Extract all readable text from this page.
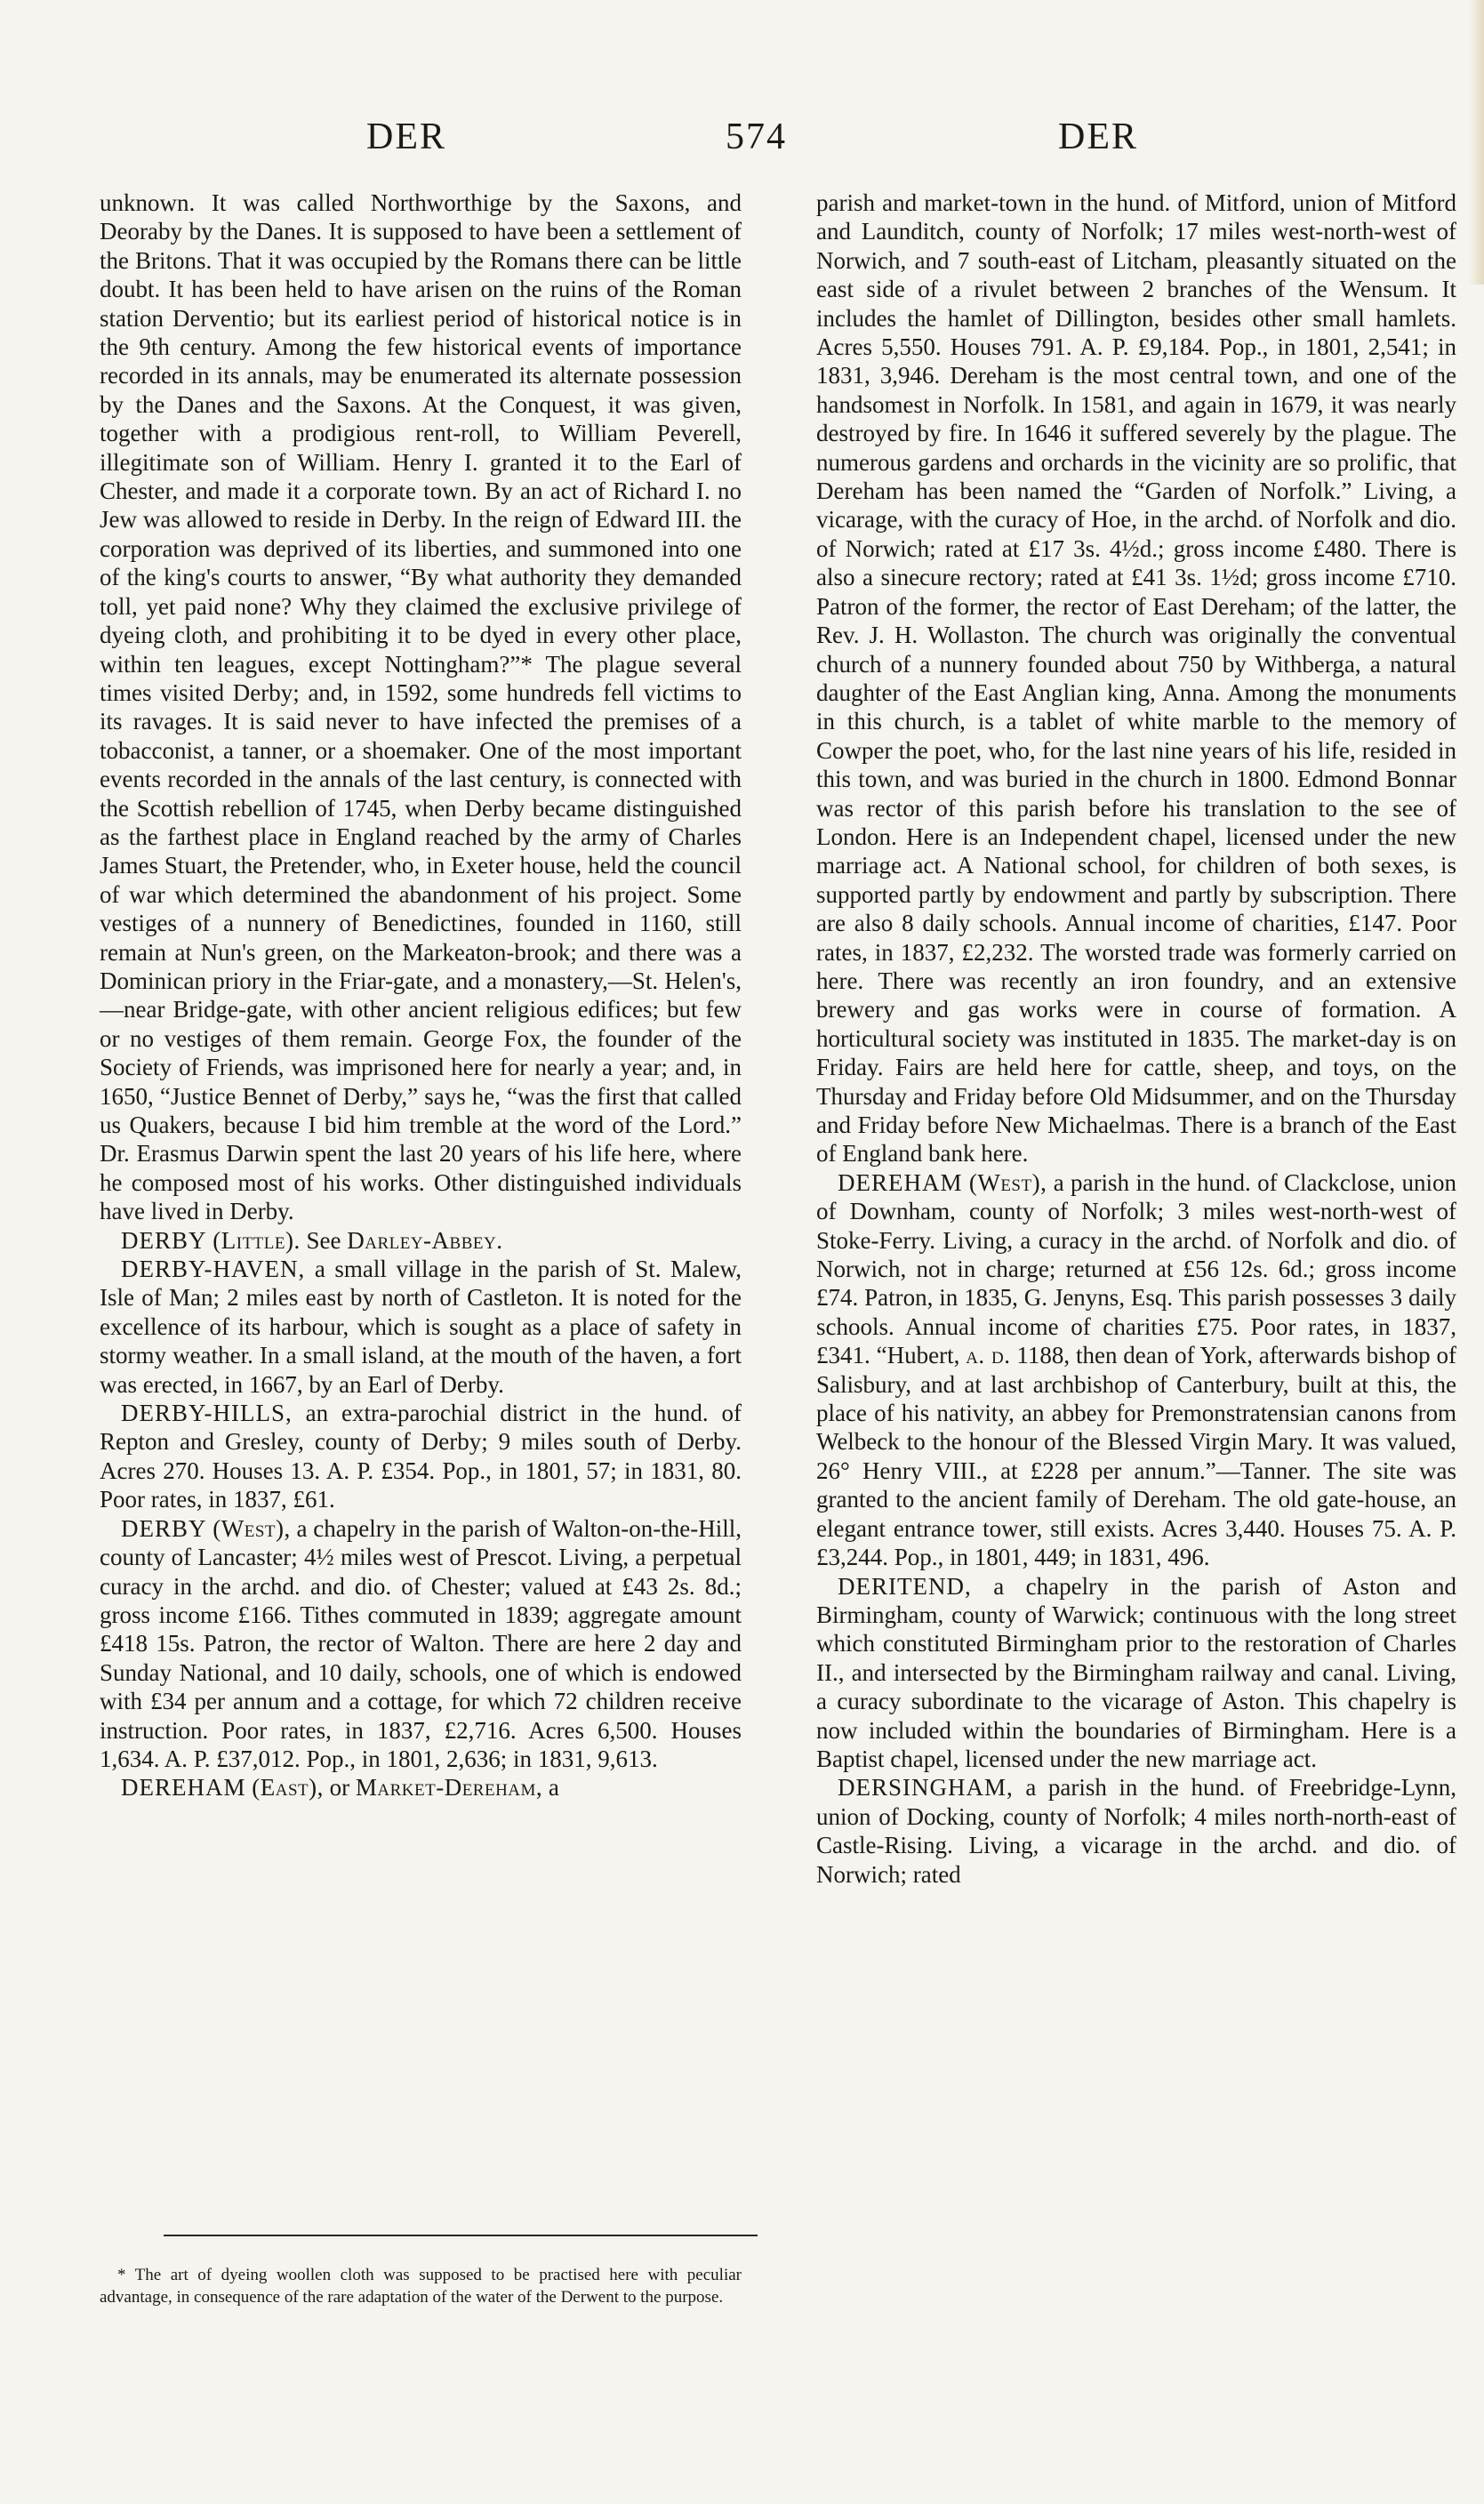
DER	574	DER

unknown. It was called Northworthige by the Saxons, and Deoraby by the Danes. It is supposed to have been a settlement of the Britons. That it was occupied by the Romans there can be little doubt. It has been held to have arisen on the ruins of the Roman station Derventio; but its earliest period of historical notice is in the 9th century. Among the few historical events of importance recorded in its annals, may be enumerated its alternate possession by the Danes and the Saxons. At the Conquest, it was given, together with a prodigious rent-roll, to William Peverell, illegitimate son of William. Henry I. granted it to the Earl of Chester, and made it a corporate town. By an act of Richard I. no Jew was allowed to reside in Derby. In the reign of Edward III. the corporation was deprived of its liberties, and summoned into one of the king's courts to answer, “By what authority they demanded toll, yet paid none? Why they claimed the exclusive privilege of dyeing cloth, and prohibiting it to be dyed in every other place, within ten leagues, except Nottingham?”* The plague several times visited Derby; and, in 1592, some hundreds fell victims to its ravages. It is said never to have infected the premises of a tobacconist, a tanner, or a shoemaker. One of the most important events recorded in the annals of the last century, is connected with the Scottish rebellion of 1745, when Derby became distinguished as the farthest place in England reached by the army of Charles James Stuart, the Pretender, who, in Exeter house, held the council of war which determined the abandonment of his project. Some vestiges of a nunnery of Benedictines, founded in 1160, still remain at Nun's green, on the Markeaton-brook; and there was a Dominican priory in the Friar-gate, and a monastery,—St. Helen's,—near Bridge-gate, with other ancient religious edifices; but few or no vestiges of them remain. George Fox, the founder of the Society of Friends, was imprisoned here for nearly a year; and, in 1650, “Justice Bennet of Derby,” says he, “was the first that called us Quakers, because I bid him tremble at the word of the Lord.” Dr. Erasmus Darwin spent the last 20 years of his life here, where he composed most of his works. Other distinguished individuals have lived in Derby.

DERBY (Little). See Darley-Abbey.

DERBY-HAVEN, a small village in the parish of St. Malew, Isle of Man; 2 miles east by north of Castleton. It is noted for the excellence of its harbour, which is sought as a place of safety in stormy weather. In a small island, at the mouth of the haven, a fort was erected, in 1667, by an Earl of Derby.

DERBY-HILLS, an extra-parochial district in the hund. of Repton and Gresley, county of Derby; 9 miles south of Derby. Acres 270. Houses 13. A. P. £354. Pop., in 1801, 57; in 1831, 80. Poor rates, in 1837, £61.

DERBY (West), a chapelry in the parish of Walton-on-the-Hill, county of Lancaster; 4½ miles west of Prescot. Living, a perpetual curacy in the archd. and dio. of Chester; valued at £43 2s. 8d.; gross income £166. Tithes commuted in 1839; aggregate amount £418 15s. Patron, the rector of Walton. There are here 2 day and Sunday National, and 10 daily, schools, one of which is endowed with £34 per annum and a cottage, for which 72 children receive instruction. Poor rates, in 1837, £2,716. Acres 6,500. Houses 1,634. A. P. £37,012. Pop., in 1801, 2,636; in 1831, 9,613.

DEREHAM (East), or Market-Dereham, a

* The art of dyeing woollen cloth was supposed to be practised here with peculiar advantage, in consequence of the rare adaptation of the water of the Derwent to the purpose.

parish and market-town in the hund. of Mitford, union of Mitford and Launditch, county of Norfolk; 17 miles west-north-west of Norwich, and 7 south-east of Litcham, pleasantly situated on the east side of a rivulet between 2 branches of the Wensum. It includes the hamlet of Dillington, besides other small hamlets. Acres 5,550. Houses 791. A. P. £9,184. Pop., in 1801, 2,541; in 1831, 3,946. Dereham is the most central town, and one of the handsomest in Norfolk. In 1581, and again in 1679, it was nearly destroyed by fire. In 1646 it suffered severely by the plague. The numerous gardens and orchards in the vicinity are so prolific, that Dereham has been named the “Garden of Norfolk.” Living, a vicarage, with the curacy of Hoe, in the archd. of Norfolk and dio. of Norwich; rated at £17 3s. 4½d.; gross income £480. There is also a sinecure rectory; rated at £41 3s. 1½d; gross income £710. Patron of the former, the rector of East Dereham; of the latter, the Rev. J. H. Wollaston. The church was originally the conventual church of a nunnery founded about 750 by Withberga, a natural daughter of the East Anglian king, Anna. Among the monuments in this church, is a tablet of white marble to the memory of Cowper the poet, who, for the last nine years of his life, resided in this town, and was buried in the church in 1800. Edmond Bonnar was rector of this parish before his translation to the see of London. Here is an Independent chapel, licensed under the new marriage act. A National school, for children of both sexes, is supported partly by endowment and partly by subscription. There are also 8 daily schools. Annual income of charities, £147. Poor rates, in 1837, £2,232. The worsted trade was formerly carried on here. There was recently an iron foundry, and an extensive brewery and gas works were in course of formation. A horticultural society was instituted in 1835. The market-day is on Friday. Fairs are held here for cattle, sheep, and toys, on the Thursday and Friday before Old Midsummer, and on the Thursday and Friday before New Michaelmas. There is a branch of the East of England bank here.

DEREHAM (West), a parish in the hund. of Clackclose, union of Downham, county of Norfolk; 3 miles west-north-west of Stoke-Ferry. Living, a curacy in the archd. of Norfolk and dio. of Norwich, not in charge; returned at £56 12s. 6d.; gross income £74. Patron, in 1835, G. Jenyns, Esq. This parish possesses 3 daily schools. Annual income of charities £75. Poor rates, in 1837, £341. “Hubert, a. d. 1188, then dean of York, afterwards bishop of Salisbury, and at last archbishop of Canterbury, built at this, the place of his nativity, an abbey for Premonstratensian canons from Welbeck to the honour of the Blessed Virgin Mary. It was valued, 26° Henry VIII., at £228 per annum.”—Tanner. The site was granted to the ancient family of Dereham. The old gate-house, an elegant entrance tower, still exists. Acres 3,440. Houses 75. A. P. £3,244. Pop., in 1801, 449; in 1831, 496.

DERITEND, a chapelry in the parish of Aston and Birmingham, county of Warwick; continuous with the long street which constituted Birmingham prior to the restoration of Charles II., and intersected by the Birmingham railway and canal. Living, a curacy subordinate to the vicarage of Aston. This chapelry is now included within the boundaries of Birmingham. Here is a Baptist chapel, licensed under the new marriage act.

DERSINGHAM, a parish in the hund. of Freebridge-Lynn, union of Docking, county of Norfolk; 4 miles north-north-east of Castle-Rising. Living, a vicarage in the archd. and dio. of Norwich; rated
